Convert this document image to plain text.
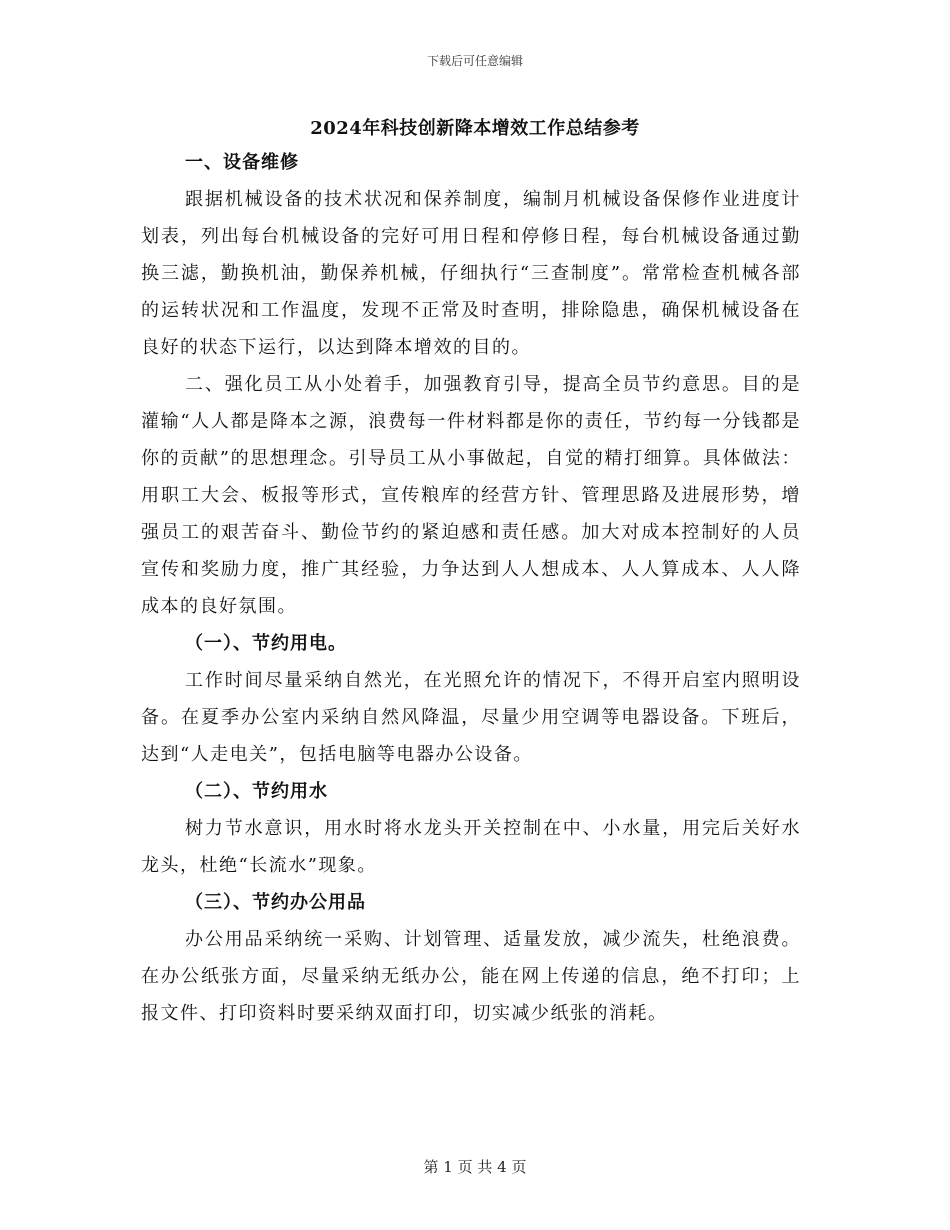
下载后可任意编辑
2024年科技创新降本增效工作总结参考
一、设备维修

跟据机械设备的技术状况和保养制度，编制月机械设备保修作业进度计划表，列出每台机械设备的完好可用日程和停修日程，每台机械设备通过勤换三滤，勤换机油，勤保养机械，仔细执行“三查制度”。常常检查机械各部的运转状况和工作温度，发现不正常及时查明，排除隐患，确保机械设备在良好的状态下运行，以达到降本增效的目的。

二、强化员工从小处着手，加强教育引导，提高全员节约意思。目的是灌输“人人都是降本之源，浪费每一件材料都是你的责任，节约每一分钱都是你的贡献”的思想理念。引导员工从小事做起，自觉的精打细算。具体做法：用职工大会、板报等形式，宣传粮库的经营方针、管理思路及进展形势，增强员工的艰苦奋斗、勤俭节约的紧迫感和责任感。加大对成本控制好的人员宣传和奖励力度，推广其经验，力争达到人人想成本、人人算成本、人人降成本的良好氛围。

（一）、节约用电。

工作时间尽量采纳自然光，在光照允许的情况下，不得开启室内照明设备。在夏季办公室内采纳自然风降温，尽量少用空调等电器设备。下班后，达到“人走电关”，包括电脑等电器办公设备。

（二）、节约用水

树力节水意识，用水时将水龙头开关控制在中、小水量，用完后关好水龙头，杜绝“长流水”现象。

（三）、节约办公用品

办公用品采纳统一采购、计划管理、适量发放，减少流失，杜绝浪费。在办公纸张方面，尽量采纳无纸办公，能在网上传递的信息，绝不打印；上报文件、打印资料时要采纳双面打印，切实减少纸张的消耗。

第 1 页 共 4 页
